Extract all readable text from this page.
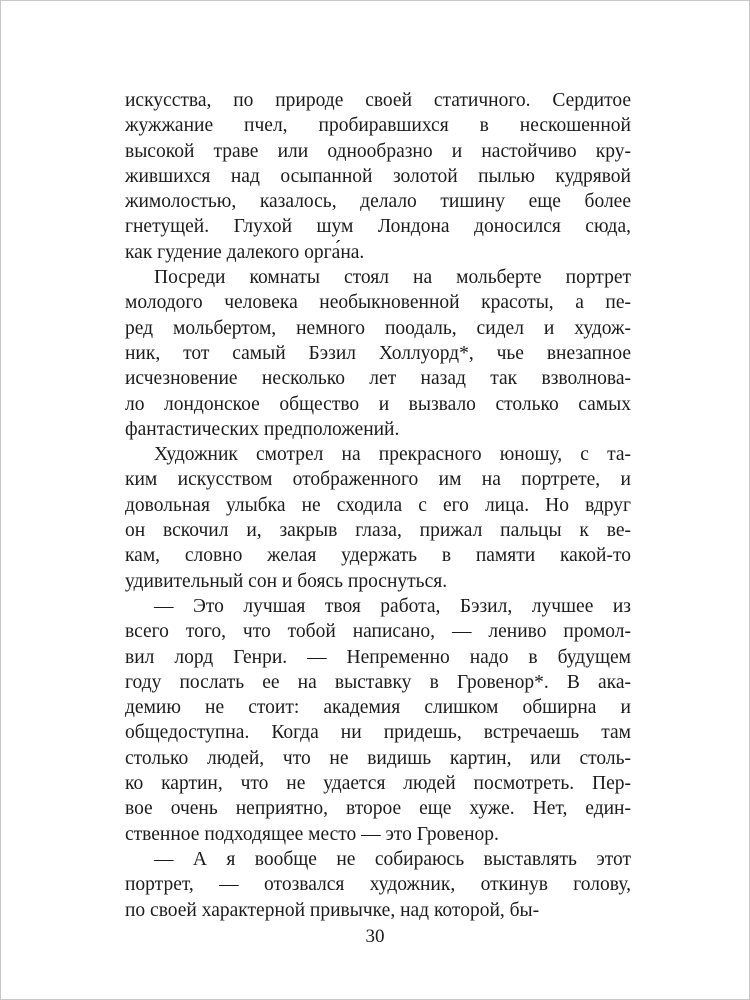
искусства, по природе своей статичного. Сердитое
жужжание пчел, пробиравшихся в нескошенной
высокой траве или однообразно и настойчиво кру-
жившихся над осыпанной золотой пылью кудрявой
жимолостью, казалось, делало тишину еще более
гнетущей. Глухой шум Лондона доносился сюда,
как гудение далекого орга́на.
Посреди комнаты стоял на мольберте портрет
молодого человека необыкновенной красоты, а пе-
ред мольбертом, немного поодаль, сидел и худож-
ник, тот самый Бэзил Холлуорд*, чье внезапное
исчезновение несколько лет назад так взволнова-
ло лондонское общество и вызвало столько самых
фантастических предположений.
Художник смотрел на прекрасного юношу, с та-
ким искусством отображенного им на портрете, и
довольная улыбка не сходила с его лица. Но вдруг
он вскочил и, закрыв глаза, прижал пальцы к ве-
кам, словно желая удержать в памяти какой-то
удивительный сон и боясь проснуться.
— Это лучшая твоя работа, Бэзил, лучшее из
всего того, что тобой написано, — лениво промол-
вил лорд Генри. — Непременно надо в будущем
году послать ее на выставку в Гровенор*. В ака-
демию не стоит: академия слишком обширна и
общедоступна. Когда ни придешь, встречаешь там
столько людей, что не видишь картин, или столь-
ко картин, что не удается людей посмотреть. Пер-
вое очень неприятно, второе еще хуже. Нет, един-
ственное подходящее место — это Гровенор.
— А я вообще не собираюсь выставлять этот
портрет, — отозвался художник, откинув голову,
по своей характерной привычке, над которой, бы-
30
